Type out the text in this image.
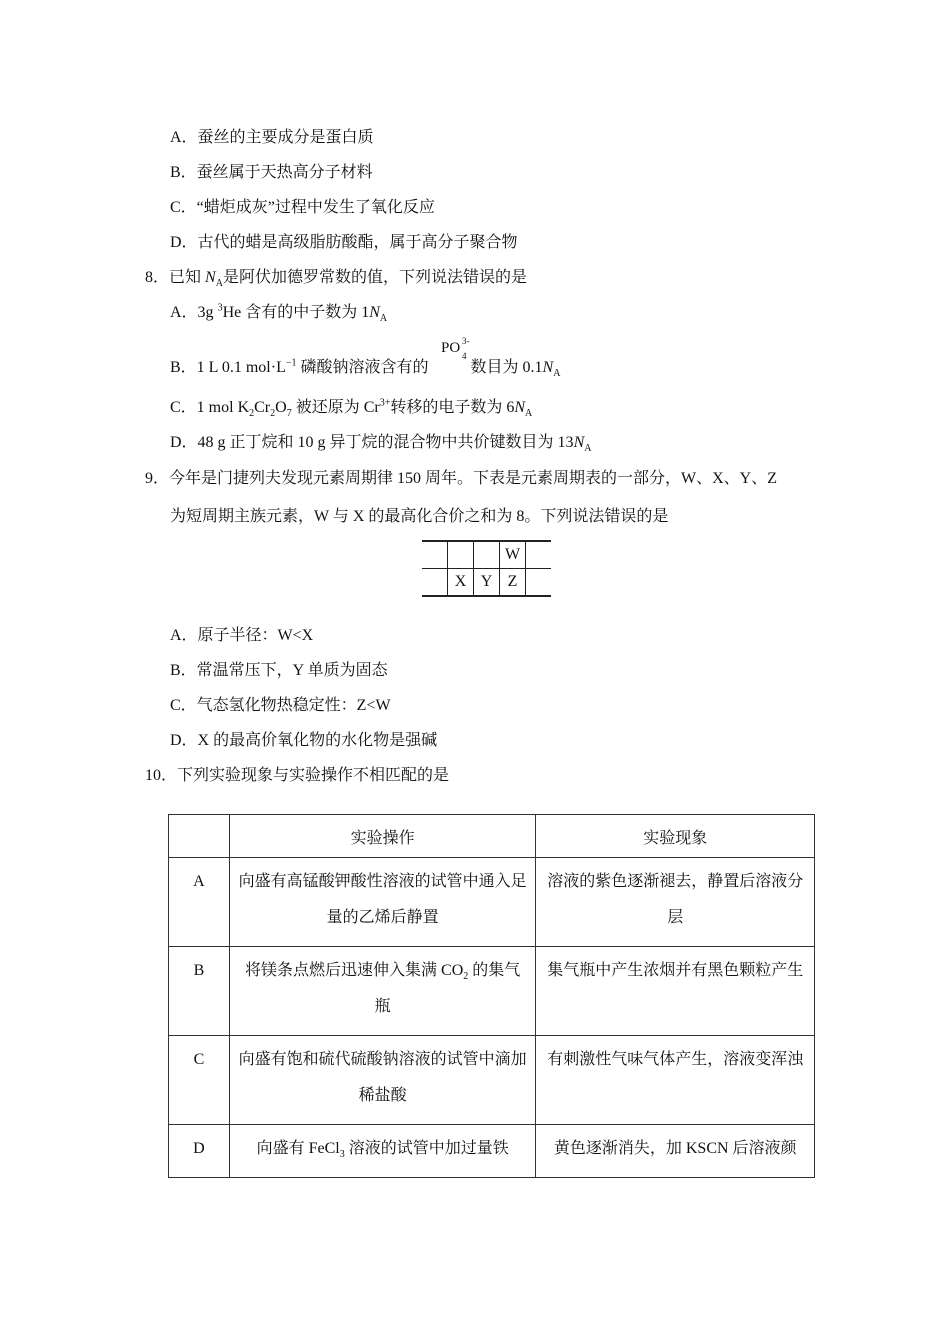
A．蚕丝的主要成分是蛋白质
B．蚕丝属于天热高分子材料
C．“蜡炬成灰”过程中发生了氧化反应
D．古代的蜡是高级脂肪酸酯，属于高分子聚合物
8．已知 $N_A$是阿伏加德罗常数的值，下列说法错误的是
A．3g $^3$He 含有的中子数为 $1N_A$
PO 3-
4
B．1 L 0.1 $mol\cdot L^{-1}$ 磷酸钠溶液含有的	数目为 $0.1N_A$
C．1 mol $K_2Cr_2O_7$ 被还原为 $Cr^{3+}$转移的电子数为 $6N_A$
D．48 g 正丁烷和 10 g 异丁烷的混合物中共价键数目为 $13N_A$
9．今年是门捷列夫发现元素周期律 150 周年。下表是元素周期表的一部分，W、X、Y、Z
为短周期主族元素，W 与 X 的最高化合价之和为 8。下列说法错误的是
			W	
	X	Y	Z	
A．原子半径：W<X
B．常温常压下，Y 单质为固态
C．气态氢化物热稳定性：Z<W
D．X 的最高价氧化物的水化物是强碱
10．下列实验现象与实验操作不相匹配的是
	实验操作	实验现象
A	向盛有高锰酸钾酸性溶液的试管中通入足量的乙烯后静置	溶液的紫色逐渐褪去，静置后溶液分层
B	将镁条点燃后迅速伸入集满 $CO_2$ 的集气瓶	集气瓶中产生浓烟并有黑色颗粒产生
C	向盛有饱和硫代硫酸钠溶液的试管中滴加稀盐酸	有刺激性气味气体产生，溶液变浑浊
D	向盛有 FeCl$_3$ 溶液的试管中加过量铁	黄色逐渐消失，加 KSCN 后溶液颜
